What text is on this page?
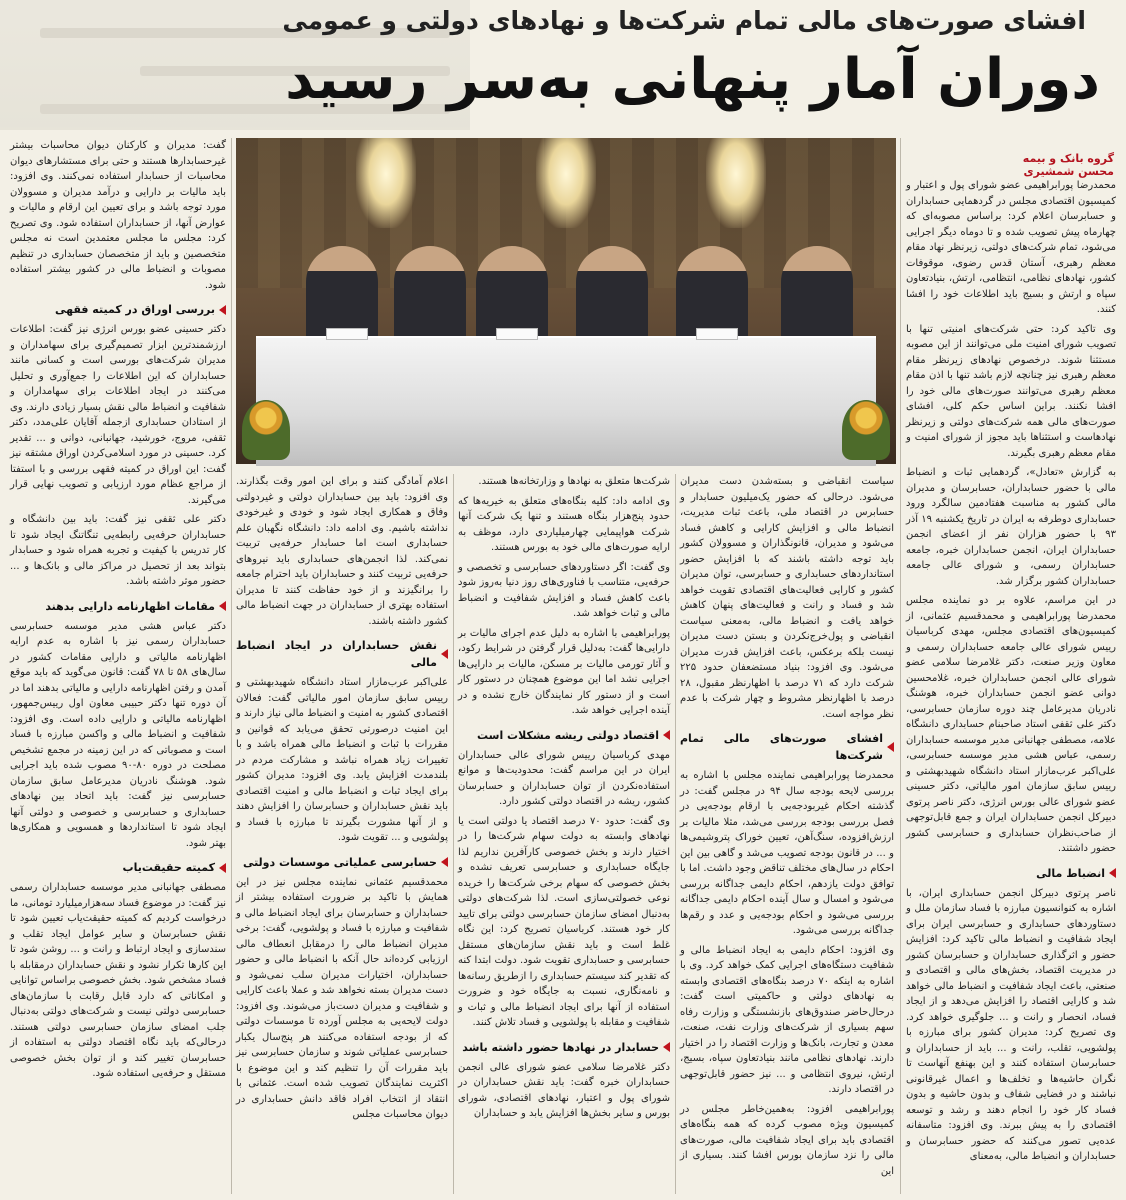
افشای صورت‌های مالی تمام شرکت‌ها و نهادهای دولتی و عمومی
دوران آمار پنهانی به‌سر رسید
گروه بانک و بیمه
محسن شمشیری

محمدرضا پورابراهیمی عضو شورای پول و اعتبار و کمیسیون اقتصادی مجلس در گردهمایی حسابداران و حسابرسان اعلام کرد: براساس مصوبه‌ای که چهارماه پیش تصویب شده و تا دوماه دیگر اجرایی می‌شود، تمام شرکت‌های دولتی، زیرنظر نهاد مقام معظم رهبری، آستان قدس رضوی، موقوفات کشور، نهادهای نظامی، انتظامی، ارتش، بنیادتعاون سپاه و ارتش و بسیج باید اطلاعات خود را افشا کنند.

وی تاکید کرد: حتی شرکت‌های امنیتی تنها با تصویب شورای امنیت ملی می‌توانند از این مصوبه مستثنا شوند. درخصوص نهادهای زیرنظر مقام معظم رهبری نیز چنانچه لازم باشد تنها با اذن مقام معظم رهبری می‌توانند صورت‌های مالی خود را افشا نکنند. براین اساس حکم کلی، افشای صورت‌های مالی همه شرکت‌های دولتی و زیرنظر نهادهاست و استثناها باید مجوز از شورای امنیت و مقام معظم رهبری بگیرند.

به گزارش «تعادل»، گردهمایی ثبات و انضباط مالی با حضور حسابداران، حسابرسان و مدیران مالی کشور به مناسبت هفتادمین سالگرد ورود حسابداری دوطرفه به ایران در تاریخ یکشنبه ۱۹ آذر ۹۳ با حضور هزاران نفر از اعضای انجمن حسابداران ایران، انجمن حسابداران خبره، جامعه حسابداران رسمی، و شورای عالی جامعه حسابداران کشور برگزار شد.

در این مراسم، علاوه بر دو نماینده مجلس محمدرضا پورابراهیمی و محمدقسیم عثمانی، از کمیسیون‌های اقتصادی مجلس، مهدی کرباسیان رییس شورای عالی جامعه حسابداران رسمی و معاون وزیر صنعت، دکتر غلامرضا سلامی عضو شورای عالی انجمن حسابداران خبره، غلامحسین دوانی عضو انجمن حسابداران خبره، هوشنگ نادریان مدیرعامل چند دوره سازمان حسابرسی، دکتر علی ثقفی استاد صاحبنام حسابداری دانشگاه علامه، مصطفی جهانبانی مدیر موسسه حسابداران رسمی، عباس هشی مدیر موسسه حسابرسی، علی‌اکبر عرب‌مازار استاد دانشگاه شهیدبهشتی و رییس سابق سازمان امور مالیاتی، دکتر حسینی عضو شورای عالی بورس انرژی، دکتر ناصر پرتوی دبیرکل انجمن حسابداران ایران و جمع قابل‌توجهی از صاحب‌نظران حسابداری و حسابرسی کشور حضور داشتند.

انضباط مالی

ناصر پرتوی دبیرکل انجمن حسابداری ایران، با اشاره به کنوانسیون مبارزه با فساد سازمان ملل و دستاوردهای حسابداری و حسابرسی ایران برای ایجاد شفافیت و انضباط مالی تاکید کرد: افزایش حضور و اثرگذاری حسابداران و حسابرسان کشور در مدیریت اقتصاد، بخش‌های مالی و اقتصادی و صنعتی، باعث ایجاد شفافیت و انضباط مالی خواهد شد و کارایی اقتصاد را افزایش می‌دهد و از ایجاد فساد، انحصار و رانت و ... جلوگیری خواهد کرد. وی تصریح کرد: مدیران کشور برای مبارزه با پولشویی، تقلب، رانت و ... باید از حسابداران و حسابرسان استفاده کنند و این بهنفع آنهاست تا نگران حاشیه‌ها و تخلف‌ها و اعمال غیرقانونی نباشند و در فضایی شفاف و بدون حاشیه و بدون فساد کار خود را انجام دهند و رشد و توسعه اقتصادی را به پیش ببرند. وی افزود: متاسفانه عده‌یی تصور می‌کنند که حضور حسابرسان و حسابداران و انضباط مالی، به‌معنای

سیاست انقباضی و بسته‌شدن دست مدیران می‌شود. درحالی که حضور یک‌میلیون حسابدار و حسابرس در اقتصاد ملی، باعث ثبات مدیریت، انضباط مالی و افزایش کارایی و کاهش فساد می‌شود و مدیران، قانونگذاران و مسوولان کشور باید توجه داشته باشند که با افزایش حضور استانداردهای حسابداری و حسابرسی، توان مدیران کشور و کارایی فعالیت‌های اقتصادی تقویت خواهد شد و فساد و رانت و فعالیت‌های پنهان کاهش خواهد یافت و انضباط مالی، به‌معنی سیاست انقباضی و پول‌خرج‌نکردن و بستن دست مدیران نیست بلکه برعکس، باعث افزایش قدرت مدیران می‌شود. وی افزود: بنیاد مستضعفان حدود ۲۲۵ شرکت دارد که ۷۱ درصد با اظهارنظر مقبول، ۲۸ درصد با اظهارنظر مشروط و چهار شرکت با عدم نظر مواجه است.

افشای صورت‌های مالی تمام شرکت‌ها

محمدرضا پورابراهیمی نماینده مجلس با اشاره به بررسی لایحه بودجه سال ۹۴ در مجلس گفت: در گذشته احکام غیربودجه‌یی با ارقام بودجه‌یی در فصل بررسی بودجه بررسی می‌شد، مثلا مالیات بر ارزش‌افزوده، سنگ‌آهن، تعیین خوراک پتروشیمی‌ها و ... در قانون بودجه تصویب می‌شد و گاهی بین این احکام در سال‌های مختلف تناقض وجود داشت. اما با توافق دولت یازدهم، احکام دایمی جداگانه بررسی می‌شود و امسال و سال آینده احکام دایمی جداگانه بررسی می‌شود و احکام بودجه‌یی و عدد و رقم‌ها جداگانه بررسی می‌شود.

وی افزود: احکام دایمی به ایجاد انضباط مالی و شفافیت دستگاه‌های اجرایی کمک خواهد کرد. وی با اشاره به اینکه ۷۰ درصد بنگاه‌های اقتصادی وابسته به نهادهای دولتی و حاکمیتی است گفت: درحال‌حاضر صندوق‌های بازنشستگی و وزارت رفاه سهم بسیاری از شرکت‌های وزارت نفت، صنعت، معدن و تجارت، بانک‌ها و وزارت اقتصاد را در اختیار دارند. نهادهای نظامی مانند بنیادتعاون سپاه، بسیج، ارتش، نیروی انتظامی و ... نیز حضور قابل‌توجهی در اقتصاد دارند.

پورابراهیمی افزود: به‌همین‌خاطر مجلس در کمیسیون ویژه مصوب کرده که همه بنگاه‌های اقتصادی باید برای ایجاد شفافیت مالی، صورت‌های مالی را نزد سازمان بورس افشا کنند. بسیاری از این

شرکت‌ها متعلق به نهادها و وزارتخانه‌ها هستند.

وی ادامه داد: کلیه بنگاه‌های متعلق به خیریه‌ها که حدود پنج‌هزار بنگاه هستند و تنها یک شرکت آنها شرکت هواپیمایی چهارمیلیاردی دارد، موظف به ارایه صورت‌های مالی خود به بورس هستند.

وی گفت: اگر دستاوردهای حسابرسی و تخصصی و حرفه‌یی، متناسب با فناوری‌های روز دنیا به‌روز شود باعث کاهش فساد و افزایش شفافیت و انضباط مالی و ثبات خواهد شد.

پورابراهیمی با اشاره به دلیل عدم اجرای مالیات بر دارایی‌ها گفت: به‌دلیل قرار گرفتن در شرایط رکود، و آثار تورمی مالیات بر مسکن، مالیات بر دارایی‌ها اجرایی نشد اما این موضوع همچنان در دستور کار است و از دستور کار نمایندگان خارج نشده و در آینده اجرایی خواهد شد.

اقتصاد دولتی ریشه مشکلات است

مهدی کرباسیان رییس شورای عالی حسابداران ایران در این مراسم گفت: محدودیت‌ها و موانع استفاده‌نکردن از توان حسابداران و حسابرسان کشور، ریشه در اقتصاد دولتی کشور دارد.

وی گفت: حدود ۷۰ درصد اقتصاد یا دولتی است یا نهادهای وابسته به دولت سهام شرکت‌ها را در اختیار دارند و بخش خصوصی کارآفرین نداریم لذا جایگاه حسابداری و حسابرسی تعریف نشده و بخش خصوصی که سهام برخی شرکت‌ها را خریده نوعی خصولتی‌سازی است. لذا شرکت‌های دولتی به‌دنبال امضای سازمان حسابرسی دولتی برای تایید کار خود هستند. کرباسیان تصریح کرد: این نگاه غلط است و باید نقش سازمان‌های مستقل حسابرسی و حسابداری تقویت شود. دولت ابتدا کنه که تقدیر کند سیستم حسابداری را ازطریق رسانه‌ها و نامه‌نگاری، نسبت به جایگاه خود و ضرورت استفاده از آنها برای ایجاد انضباط مالی و ثبات و شفافیت و مقابله با پولشویی و فساد تلاش کنند.

حسابدار در نهادها حضور داشته باشد

دکتر غلامرضا سلامی عضو شورای عالی انجمن حسابداران خبره گفت: باید نقش حسابداران در شورای پول و اعتبار، نهادهای اقتصادی، شورای بورس و سایر بخش‌ها افزایش یابد و حسابداران

اعلام آمادگی کنند و برای این امور وقت بگذارند. وی افزود: باید بین حسابداران دولتی و غیردولتی وفاق و همکاری ایجاد شود و خودی و غیرخودی نداشته باشیم. وی ادامه داد: دانشگاه نگهبان علم حسابداری است اما حسابدار حرفه‌یی تربیت نمی‌کند. لذا انجمن‌های حسابداری باید نیروهای حرفه‌یی تربیت کنند و حسابداران باید احترام جامعه را برانگیزند و از خود حفاظت کنند تا مدیران استفاده بهتری از حسابداران در جهت انضباط مالی کشور داشته باشند.

نقش حسابداران در ایجاد انضباط مالی

علی‌اکبر عرب‌مازار استاد دانشگاه شهیدبهشتی و رییس سابق سازمان امور مالیاتی گفت: فعالان اقتصادی کشور به امنیت و انضباط مالی نیاز دارند و این امنیت درصورتی تحقق می‌یابد که قوانین و مقررات با ثبات و انضباط مالی همراه باشد و با تغییرات زیاد همراه نباشد و مشارکت مردم در بلندمدت افزایش یابد. وی افزود: مدیران کشور برای ایجاد ثبات و انضباط مالی و امنیت اقتصادی باید نقش حسابداران و حسابرسان را افزایش دهند و از آنها مشورت بگیرند تا مبارزه با فساد و پولشویی و ... تقویت شود.

حسابرسی عملیاتی موسسات دولتی

محمدقسیم عثمانی نماینده مجلس نیز در این همایش با تاکید بر ضرورت استفاده بیشتر از حسابداران و حسابرسان برای ایجاد انضباط مالی و شفافیت و مبارزه با فساد و پولشویی، گفت: برخی مدیران انضباط مالی را درمقابل انعطاف مالی ارزیابی کرده‌اند حال آنکه با انضباط مالی و حضور حسابداران، اختیارات مدیران سلب نمی‌شود و دست مدیران بسته نخواهد شد و عملا باعث کارایی و شفافیت و مدیران دست‌باز می‌شوند. وی افزود: دولت لایحه‌یی به مجلس آورده تا موسسات دولتی که از بودجه استفاده می‌کنند هر پنج‌سال یکبار حسابرسی عملیاتی شوند و سازمان حسابرسی نیز باید مقررات آن را تنظیم کند و این موضوع با اکثریت نمایندگان تصویب شده است. عثمانی با انتقاد از انتخاب افراد فاقد دانش حسابداری در دیوان محاسبات مجلس

گفت: مدیران و کارکنان دیوان محاسبات بیشتر غیرحسابدارها هستند و حتی برای مستشارهای دیوان محاسبات از حسابدار استفاده نمی‌کنند. وی افزود: باید مالیات بر دارایی و درآمد مدیران و مسوولان مورد توجه باشد و برای تعیین این ارقام و مالیات و عوارض آنها، از حسابداران استفاده شود. وی تصریح کرد: مجلس ما مجلس معتمدین است نه مجلس متخصصین و باید از متخصصان حسابداری در تنظیم مصوبات و انضباط مالی در کشور بیشتر استفاده شود.

بررسی اوراق در کمیته فقهی

دکتر حسینی عضو بورس انرژی نیز گفت: اطلاعات ارزشمندترین ابزار تصمیم‌گیری برای سهامداران و مدیران شرکت‌های بورسی است و کسانی مانند حسابداران که این اطلاعات را جمع‌آوری و تحلیل می‌کنند در ایجاد اطلاعات برای سهامداران و شفافیت و انضباط مالی نقش بسیار زیادی دارند. وی از استادان حسابداری ازجمله آقایان علی‌مدد، دکتر ثقفی، مروج، خورشید، جهانبانی، دوانی و ... تقدیر کرد. حسینی در مورد اسلامی‌کردن اوراق مشتقه نیز گفت: این اوراق در کمیته فقهی بررسی و با استفتا از مراجع عظام مورد ارزیابی و تصویب نهایی قرار می‌گیرند.

دکتر علی ثقفی نیز گفت: باید بین دانشگاه و حسابداران حرفه‌یی رابطه‌یی تنگاتنگ ایجاد شود تا کار تدریس با کیفیت و تجربه همراه شود و حسابدار بتواند بعد از تحصیل در مراکز مالی و بانک‌ها و ... حضور موثر داشته باشد.

مقامات اظهارنامه دارایی بدهند

دکتر عباس هشی مدیر موسسه حسابرسی حسابداران رسمی نیز با اشاره به عدم ارایه اظهارنامه مالیاتی و دارایی مقامات کشور در سال‌های ۵۸ تا ۷۸ گفت: قانون می‌گوید که باید موقع آمدن و رفتن اظهارنامه دارایی و مالیاتی بدهند اما در آن دوره تنها دکتر حبیبی معاون اول رییس‌جمهور، اظهارنامه مالیاتی و دارایی داده است. وی افزود: شفافیت و انضباط مالی و واکسن مبارزه با فساد است و مصوباتی که در این زمینه در مجمع تشخیص مصلحت در دوره ۸۰-۹۰ مصوب شده باید اجرایی شود. هوشنگ نادریان مدیرعامل سابق سازمان حسابرسی نیز گفت: باید اتحاد بین نهادهای حسابداری و حسابرسی و خصوصی و دولتی آنها ایجاد شود تا استانداردها و همسویی و همکاری‌ها بهتر شود.

کمیته حقیقت‌یاب

مصطفی جهانبانی مدیر موسسه حسابداران رسمی نیز گفت: در موضوع فساد سه‌هزارمیلیارد تومانی، ما درخواست کردیم که کمیته حقیقت‌یاب تعیین شود تا نقش حسابرسان و سایر عوامل ایجاد تقلب و سندسازی و ایجاد ارتباط و رانت و ... روشن شود تا این کارها تکرار نشود و نقش حسابداران درمقابله با فساد مشخص شود. بخش خصوصی براساس توانایی و امکاناتی که دارد قابل رقابت با سازمان‌های حسابرسی دولتی نیست و شرکت‌های دولتی به‌دنبال جلب امضای سازمان حسابرسی دولتی هستند. درحالی‌که باید نگاه اقتصاد دولتی به استفاده از حسابرسان تغییر کند و از توان بخش خصوصی مستقل و حرفه‌یی استفاده شود.
